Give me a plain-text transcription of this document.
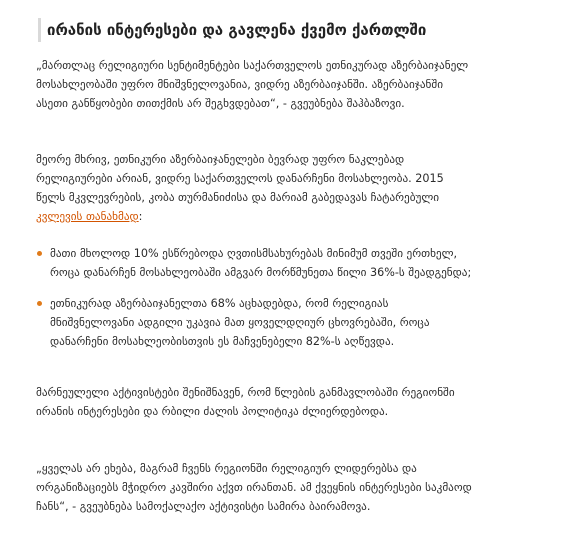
ირანის ინტერესები და გავლენა ქვემო ქართლში

„მართლაც რელიგიური სენტიმენტები საქართველოს ეთნიკურად აზერბაიჯანელ მოსახლეობაში უფრო მნიშვნელოვანია, ვიდრე აზერბაიჯანში. აზერბაიჯანში ასეთი განწყობები თითქმის არ შეგხვდებათ“, - გვეუბნება შაჰბაზოვი.

მეორე მხრივ, ეთნიკური აზერბაიჯანელები ბევრად უფრო ნაკლებად რელიგიურები არიან, ვიდრე საქართველოს დანარჩენი მოსახლეობა. 2015 წელს მკვლევრების, კობა თურმანიძისა და მარიამ გაბედავას ჩატარებული კვლევის თანახმად:

მათი მხოლოდ 10% ესწრებოდა ღვთისმსახურებას მინიმუმ თვეში ერთხელ, როცა დანარჩენ მოსახლეობაში ამგვარ მორწმუნეთა წილი 36%-ს შეადგენდა;
ეთნიკურად აზერბაიჯანელთა 68% აცხადებდა, რომ რელიგიას მნიშვნელოვანი ადგილი უკავია მათ ყოველდღიურ ცხოვრებაში, როცა დანარჩენი მოსახლეობისთვის ეს მაჩვენებელი 82%-ს აღწევდა.

მარნეულელი აქტივისტები შენიშნავენ, რომ წლების განმავლობაში რეგიონში ირანის ინტერესები და რბილი ძალის პოლიტიკა ძლიერდებოდა.

„ყველას არ ეხება, მაგრამ ჩვენს რეგიონში რელიგიურ ლიდერებსა და ორგანიზაციებს მჭიდრო კავშირი აქვთ ირანთან. ამ ქვეყნის ინტერესები საკმაოდ ჩანს“, - გვეუბნება სამოქალაქო აქტივისტი სამირა ბაირამოვა.
